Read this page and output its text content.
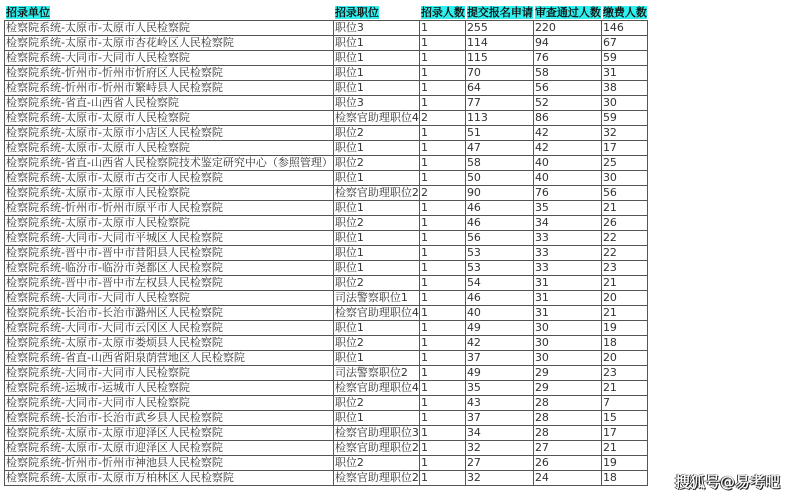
招录单位	招录职位	招录人数	提交报名申请	审查通过人数	缴费人数
检察院系统-太原市-太原市人民检察院	职位3	1	255	220	146
检察院系统-太原市-太原市杏花岭区人民检察院	职位1	1	114	94	67
检察院系统-大同市-大同市人民检察院	职位1	1	115	76	59
检察院系统-忻州市-忻州市忻府区人民检察院	职位1	1	70	58	31
检察院系统-忻州市-忻州市繁峙县人民检察院	职位1	1	64	56	38
检察院系统-省直-山西省人民检察院	职位3	1	77	52	30
检察院系统-太原市-太原市人民检察院	检察官助理职位4	2	113	86	59
检察院系统-太原市-太原市小店区人民检察院	职位2	1	51	42	32
检察院系统-太原市-太原市人民检察院	职位1	1	47	42	17
检察院系统-省直-山西省人民检察院技术鉴定研究中心（参照管理）	职位2	1	58	40	25
检察院系统-太原市-太原市古交市人民检察院	职位1	1	50	40	30
检察院系统-太原市-太原市人民检察院	检察官助理职位2	2	90	76	56
检察院系统-忻州市-忻州市原平市人民检察院	职位1	1	46	35	21
检察院系统-太原市-太原市人民检察院	职位2	1	46	34	26
检察院系统-大同市-大同市平城区人民检察院	职位1	1	56	33	22
检察院系统-晋中市-晋中市昔阳县人民检察院	职位1	1	53	33	22
检察院系统-临汾市-临汾市尧都区人民检察院	职位1	1	53	33	23
检察院系统-晋中市-晋中市左权县人民检察院	职位2	1	54	31	21
检察院系统-大同市-大同市人民检察院	司法警察职位1	1	46	31	20
检察院系统-长治市-长治市潞州区人民检察院	检察官助理职位4	1	40	31	21
检察院系统-大同市-大同市云冈区人民检察院	职位1	1	49	30	19
检察院系统-太原市-太原市娄烦县人民检察院	职位2	1	42	30	18
检察院系统-省直-山西省阳泉荫营地区人民检察院	职位1	1	37	30	20
检察院系统-大同市-大同市人民检察院	司法警察职位2	1	49	29	23
检察院系统-运城市-运城市人民检察院	检察官助理职位4	1	35	29	21
检察院系统-大同市-大同市人民检察院	职位2	1	43	28	7
检察院系统-长治市-长治市武乡县人民检察院	职位1	1	37	28	15
检察院系统-太原市-太原市迎泽区人民检察院	检察官助理职位3	1	34	28	17
检察院系统-太原市-太原市迎泽区人民检察院	检察官助理职位2	1	32	27	21
检察院系统-忻州市-忻州市神池县人民检察院	职位2	1	27	26	19
检察院系统-太原市-太原市万柏林区人民检察院	检察官助理职位2	1	32	24	18	搜狐号@易考吧
